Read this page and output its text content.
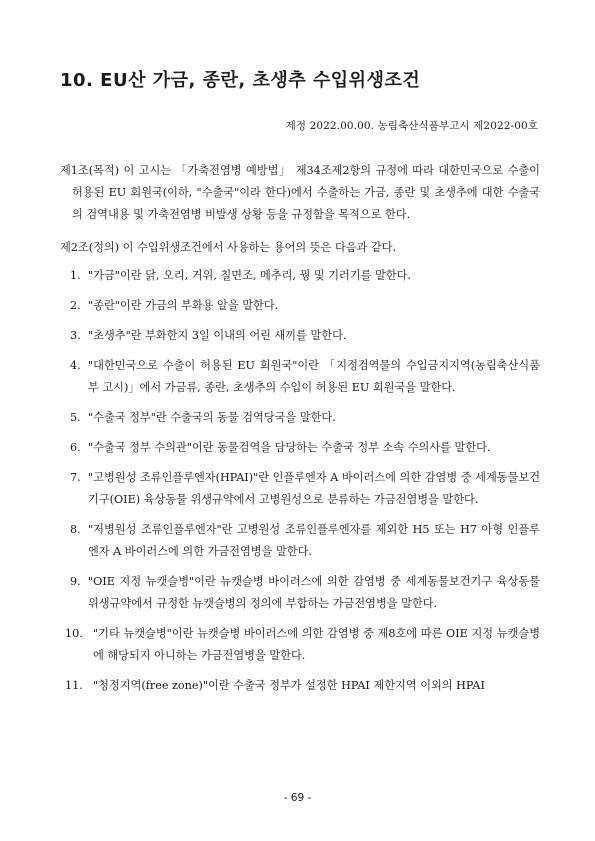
10. EU산 가금, 종란, 초생추 수입위생조건
제정 2022.00.00. 농림축산식품부고시 제2022-00호

제1조(목적) 이 고시는 「가축전염병 예방법」 제34조제2항의 규정에 따라 대한민국으로 수출이 허용된 EU 회원국(이하, "수출국"이라 한다)에서 수출하는 가금, 종란 및 초생추에 대한 수출국의 검역내용 및 가축전염병 비발생 상황 등을 규정함을 목적으로 한다.

제2조(정의) 이 수입위생조건에서 사용하는 용어의 뜻은 다음과 같다.

1. "가금"이란 닭, 오리, 거위, 칠면조, 메추리, 꿩 및 기러기를 말한다.
2. "종란"이란 가금의 부화용 알을 말한다.
3. "초생추"란 부화한지 3일 이내의 어린 새끼를 말한다.
4. "대한민국으로 수출이 허용된 EU 회원국"이란 「지정검역물의 수입금지지역(농림축산식품부 고시)」에서 가금류, 종란, 초생추의 수입이 허용된 EU 회원국을 말한다.
5. "수출국 정부"란 수출국의 동물 검역당국을 말한다.
6. "수출국 정부 수의관"이란 동물검역을 담당하는 수출국 정부 소속 수의사를 말한다.
7. "고병원성 조류인플루엔자(HPAI)"란 인플루엔자 A 바이러스에 의한 감염병 중 세계동물보건기구(OIE) 육상동물 위생규약에서 고병원성으로 분류하는 가금전염병을 말한다.
8. "저병원성 조류인플루엔자"란 고병원성 조류인플루엔자를 제외한 H5 또는 H7 아형 인플루엔자 A 바이러스에 의한 가금전염병을 말한다.
9. "OIE 지정 뉴캣슬병"이란 뉴캣슬병 바이러스에 의한 감염병 중 세계동물보건기구 육상동물 위생규약에서 규정한 뉴캣슬병의 정의에 부합하는 가금전염병을 말한다.
10. "기타 뉴캣슬병"이란 뉴캣슬병 바이러스에 의한 감염병 중 제8호에 따른 OIE 지정 뉴캣슬병에 해당되지 아니하는 가금전염병을 말한다.
11. "청정지역(free zone)"이란 수출국 정부가 설정한 HPAI 제한지역 이외의 HPAI
- 69 -
